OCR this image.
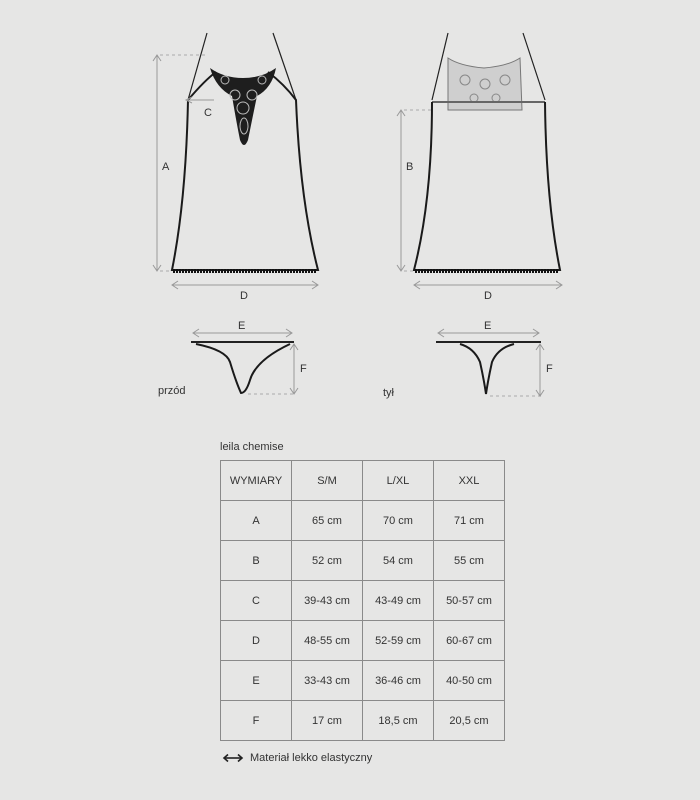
A
C
D
B
D
E
F
przód
E
F
tył
leila chemise
WYMIARY	S/M	L/XL	XXL
A	65 cm	70 cm	71 cm
B	52 cm	54 cm	55 cm
C	39-43 cm	43-49 cm	50-57 cm
D	48-55 cm	52-59 cm	60-67 cm
E	33-43 cm	36-46 cm	40-50 cm
F	17 cm	18,5 cm	20,5 cm
Materiał lekko elastyczny
